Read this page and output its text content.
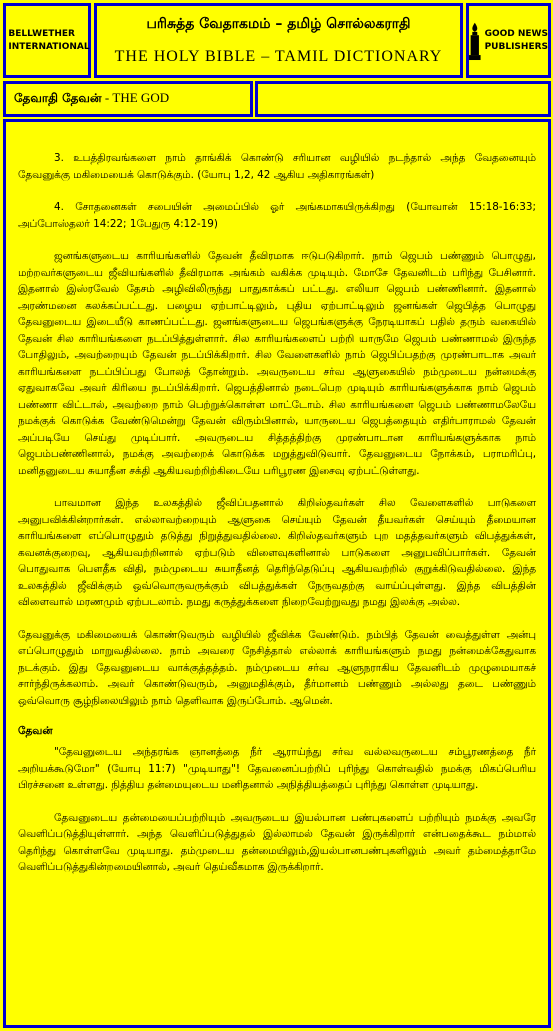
BELLWETHER
INTERNATIONAL
பரிசுத்த வேதாகமம் – தமிழ் சொல்லகராதி
THE HOLY BIBLE – TAMIL DICTIONARY
GOOD NEWS
PUBLISHERS
தேவாதி தேவன் - THE GOD

3. உபத்திரவங்களை நாம் தாங்கிக் கொண்டு சரியான வழியில் நடந்தால் அந்த வேதனையும் தேவனுக்கு மகிமையைக் கொடுக்கும். (யோபு 1,2, 42 ஆகிய அதிகாரங்கள்)

4. சோதனைகள் சபையின் அமைப்பில் ஓர் அங்கமாகயிருக்கிறது (யோவான் 15:18-16:33; அப்போஸ்தலர் 14:22; 1பேதுரு 4:12-19)

ஜனங்களுடைய காரியங்களில் தேவன் தீவிரமாக ஈடுபடுகிறார். நாம் ஜெபம் பண்ணும் பொழுது, மற்றவர்களுடைய ஜீவியங்களில் தீவிரமாக அங்கம் வகிக்க முடியும். மோசே தேவனிடம் பரிந்து பேசினார். இதனால் இஸ்ரவேல் தேசம் அழிவிலிருந்து பாதுகாக்கப் பட்டது. எலியா ஜெபம் பண்ணினார். இதனால் அரண்மனை கலக்கப்பட்டது. பழைய ஏற்பாட்டிலும், புதிய ஏற்பாட்டிலும் ஜனங்கள் ஜெபித்த பொழுது தேவனுடைய இடையீடு காணப்பட்டது. ஜனங்களுடைய ஜெபங்களுக்கு நேரடியாகப் பதில் தரும் வகையில் தேவன் சில காரியங்களை நடப்பித்துள்ளார். சில காரியங்களைப் பற்றி யாருமே ஜெபம் பண்ணாமல் இருந்த போதிலும், அவற்றையும் தேவன் நடப்பிக்கிறார். சில வேளைகளில் நாம் ஜெபிப்பதற்கு முரண்பாடாக அவர் காரியங்களை நடப்பிப்பது போலத் தோன்றும். அவருடைய சர்வ ஆளுகையில் நம்முடைய நன்மைக்கு ஏதுவாகவே அவர் கிரியை நடப்பிக்கிறார். ஜெபத்தினால் நடைபெற முடியும் காரியங்களுக்காக நாம் ஜெபம் பண்ணா விட்டால், அவற்றை நாம் பெற்றுக்கொள்ள மாட்டோம். சில காரியங்களை ஜெபம் பண்ணாமலேயே நமக்குக் கொடுக்க வேண்டுமென்று தேவன் விரும்பினால், யாருடைய ஜெபத்தையும் எதிர்பாராமல் தேவன் அப்படியே செய்து முடிப்பார். அவருடைய சித்தத்திற்கு முரண்பாடான காரியங்களுக்காக நாம் ஜெபம்பண்ணினால், நமக்கு அவற்றைக் கொடுக்க மறுத்துவிடுவார். தேவனுடைய நோக்கம், பராமரிப்பு, மனிதனுடைய சுயாதீன சக்தி ஆகியவற்றிற்கிடையே பரிபூரண இசைவு ஏற்பட்டுள்ளது.

பாவமான இந்த உலகத்தில் ஜீவிப்பதனால் கிறிஸ்தவர்கள் சில வேளைகளில் பாடுகளை அனுபவிக்கின்றார்கள். எல்லாவற்றையும் ஆளுகை செய்யும் தேவன் தீயவர்கள் செய்யும் தீமையான காரியங்களை எப்பொழுதும் தடுத்து நிறுத்துவதில்லை. கிறிஸ்தவர்களும் புற மதத்தவர்களும் விபத்துக்கள், கவனக்குறைவு, ஆகியவற்றினால் ஏற்படும் விளைவுகளினால் பாடுகளை அனுபவிப்பார்கள். தேவன் பொதுவாக பௌதீக விதி, நம்முடைய சுயாதீனத் தெரிந்தெடுப்பு ஆகியவற்றில் குறுக்கிடுவதில்லை. இந்த உலகத்தில் ஜீவிக்கும் ஒவ்வொருவருக்கும் விபத்துக்கள் நேருவதற்கு வாய்ப்புள்ளது. இந்த விபத்தின் விளைவால் மரணமும் ஏற்படலாம். நமது கருத்துக்களை நிறைவேற்றுவது நமது இலக்கு அல்ல.

தேவனுக்கு மகிமையைக் கொண்டுவரும் வழியில் ஜீவிக்க வேண்டும். நம்பித் தேவன் வைத்துள்ள அன்பு எப்பொழுதும் மாறுவதில்லை. நாம் அவரை நேசித்தால் எல்லாக் காரியங்களும் நமது நன்மைக்கேதுவாக நடக்கும். இது தேவனுடைய வாக்குத்தத்தம். நம்முடைய சர்வ ஆளுநராகிய தேவனிடம் முழுமையாகச் சார்ந்திருக்கலாம். அவர் கொண்டுவரும், அனுமதிக்கும், தீர்மானம் பண்ணும் அல்லது தடை பண்ணும் ஒவ்வொரு சூழ்நிலையிலும் நாம் தெளிவாக இருப்போம். ஆமென்.

தேவன்

"தேவனுடைய அந்தரங்க ஞானத்தை நீர் ஆராய்ந்து சர்வ வல்லவருடைய சம்பூரணத்தை நீர் அறியக்கூடுமோ" (யோபு 11:7) "முடியாது"! தேவனைப்பற்றிப் புரிந்து கொள்வதில் நமக்கு மிகப்பெரிய பிரச்சனை உள்ளது. நித்திய தன்மையுடைய மனிதனால் அநித்தியத்தைப் புரிந்து கொள்ள முடியாது.

தேவனுடைய தன்மையைப்பற்றியும் அவருடைய இயல்பான பண்புகளைப் பற்றியும் நமக்கு அவரே வெளிப்படுத்தியுள்ளார். அந்த வெளிப்படுத்துதல் இல்லாமல் தேவன் இருக்கிறார் என்பதைக்கூட நம்மால் தெரிந்து கொள்ளவே முடியாது. தம்முடைய தன்மையிலும்,இயல்பானபண்புகளிலும் அவர் தம்மைத்தாமே வெளிப்படுத்துகின்றமையினால், அவர் தெய்வீகமாக இருக்கிறார்.
